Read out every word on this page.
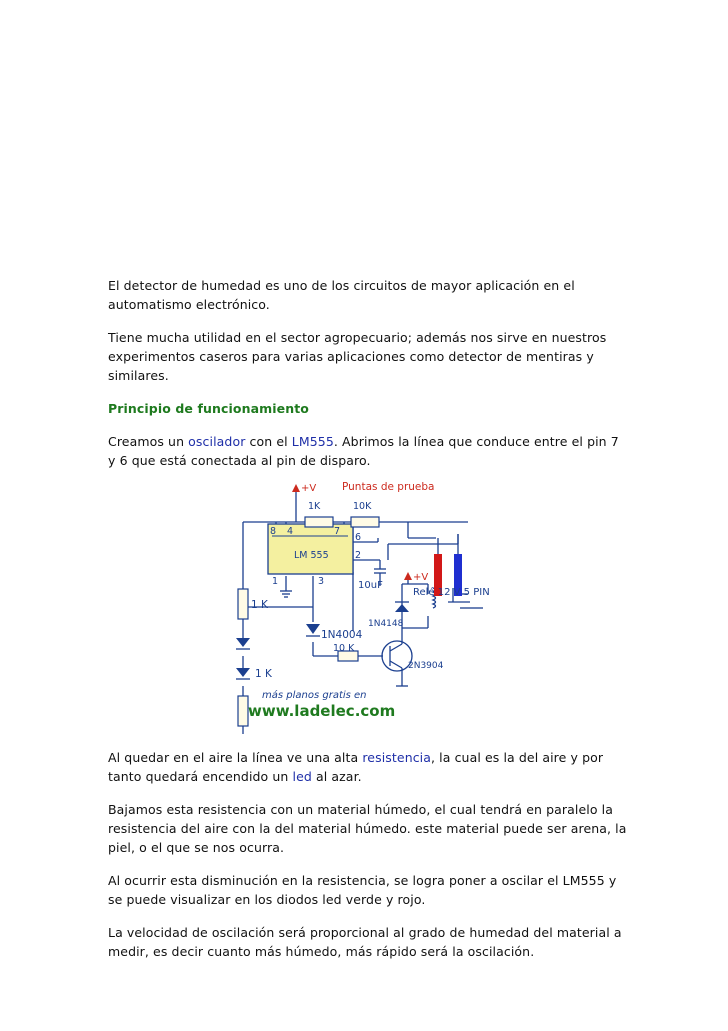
El detector de humedad es uno de los circuitos de mayor aplicación en el automatismo electrónico.

Tiene mucha utilidad en el sector agropecuario; además nos sirve en nuestros experimentos caseros para varias aplicaciones como detector de mentiras y similares.

Principio de funcionamiento

Creamos un oscilador con el LM555. Abrimos la línea que conduce entre el pin 7 y 6 que está conectada al pin de disparo.

+V Puntas de prueba
1K	10K
8 4	7
6
2
1	3
LM 555
1 K
10uF
+V
Relé 12 V 5 PIN
1N4148
1N4004
10 K
2N3904
1 K
más planos gratis en
www.ladelec.com

Al quedar en el aire la línea ve una alta resistencia, la cual es la del aire y por tanto quedará encendido un led al azar.

Bajamos esta resistencia con un material húmedo, el cual tendrá en paralelo la resistencia del aire con la del material húmedo. este material puede ser arena, la piel, o el que se nos ocurra.

Al ocurrir esta disminución en la resistencia, se logra poner a oscilar el LM555 y se puede visualizar en los diodos led verde y rojo.

La velocidad de oscilación será proporcional al grado de humedad del material a medir, es decir cuanto más húmedo, más rápido será la oscilación.
